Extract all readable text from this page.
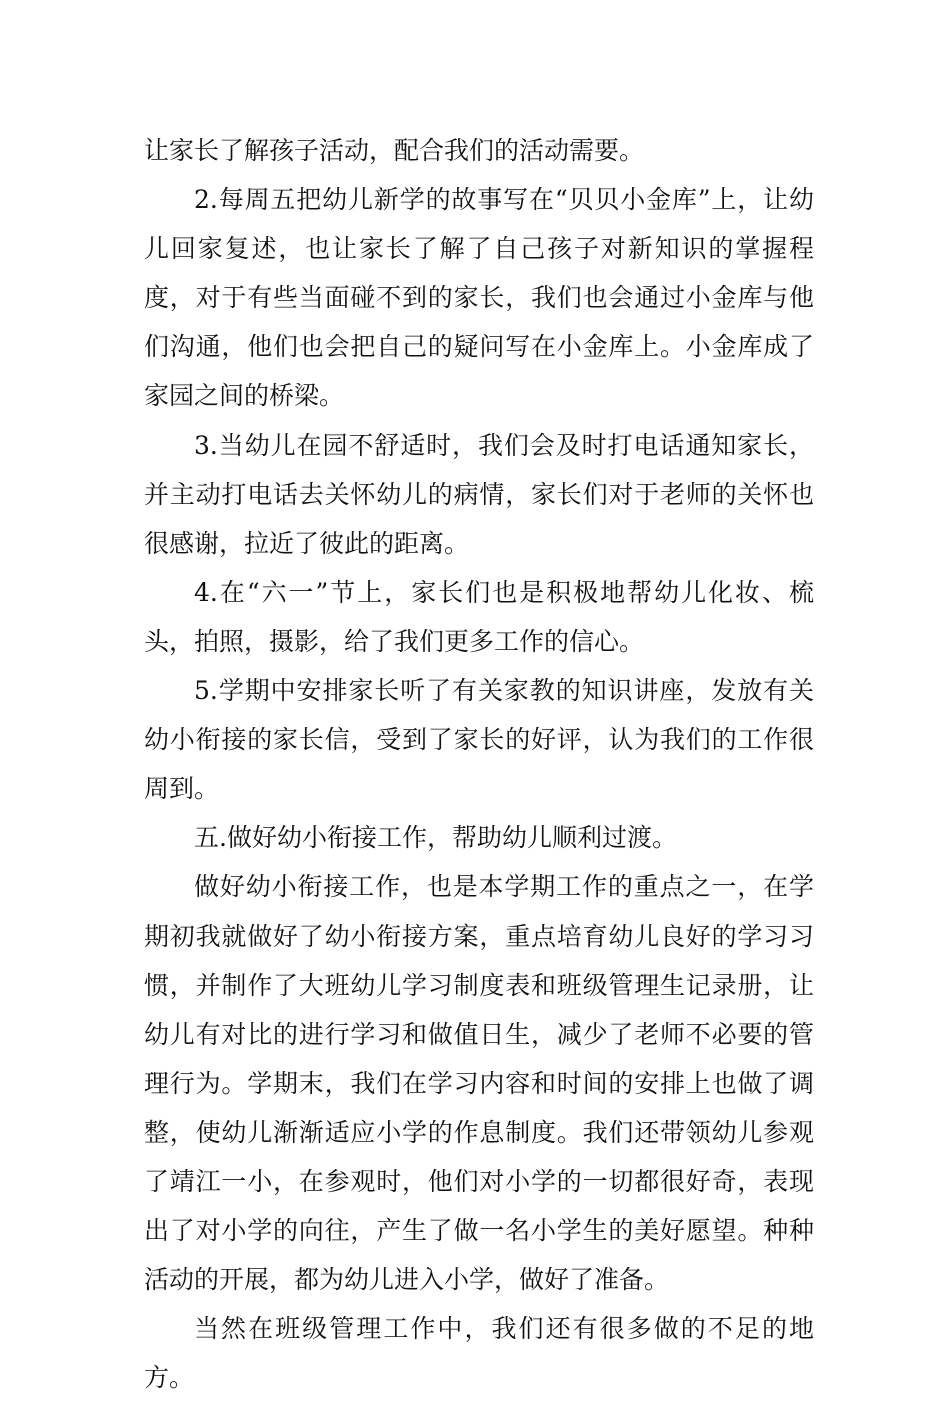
让家长了解孩子活动，配合我们的活动需要。

2.每周五把幼儿新学的故事写在“贝贝小金库”上，让幼儿回家复述，也让家长了解了自己孩子对新知识的掌握程度，对于有些当面碰不到的家长，我们也会通过小金库与他们沟通，他们也会把自己的疑问写在小金库上。小金库成了家园之间的桥梁。

3.当幼儿在园不舒适时，我们会及时打电话通知家长，并主动打电话去关怀幼儿的病情，家长们对于老师的关怀也很感谢，拉近了彼此的距离。

4.在“六一”节上，家长们也是积极地帮幼儿化妆、梳头，拍照，摄影，给了我们更多工作的信心。

5.学期中安排家长听了有关家教的知识讲座，发放有关幼小衔接的家长信，受到了家长的好评，认为我们的工作很周到。

五.做好幼小衔接工作，帮助幼儿顺利过渡。

做好幼小衔接工作，也是本学期工作的重点之一，在学期初我就做好了幼小衔接方案，重点培育幼儿良好的学习习惯，并制作了大班幼儿学习制度表和班级管理生记录册，让幼儿有对比的进行学习和做值日生，减少了老师不必要的管理行为。学期末，我们在学习内容和时间的安排上也做了调整，使幼儿渐渐适应小学的作息制度。我们还带领幼儿参观了靖江一小，在参观时，他们对小学的一切都很好奇，表现出了对小学的向往，产生了做一名小学生的美好愿望。种种活动的开展，都为幼儿进入小学，做好了准备。

当然在班级管理工作中，我们还有很多做的不足的地方。
